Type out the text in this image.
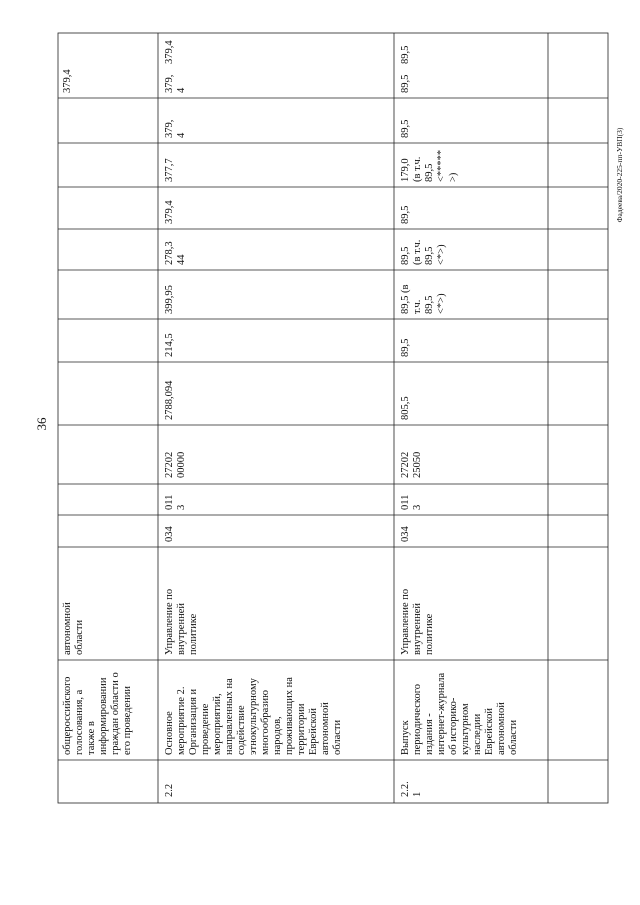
36
общероссийского голосования, а также в информировании граждан области о его проведении
автономной области
379,4
2.2
Основное мероприятие 2. Организация и проведение мероприятий, направленных на содействие этнокультурному многообразию народов, проживающих на территории Еврейской автономной области
Управление по внутренней политике
034
011 3
27202 00000
2788,094
214,5
399,95
278,3 44
379,4
377,7
379, 4
379, 4
379,4
2.2. 1
Выпуск периодического издания - интернет-журнала об историко- культурном наследии Еврейской автономной области
Управление по внутренней политике
034
011 3
27202 25050
805,5
89,5
89,5 (в т.ч. 89,5 <*>)
89,5 (в т.ч. 89,5 <*>)
89,5
179,0 (в т.ч. 89,5 <***** >)
89,5
89,5
89,5
Фадеева/2020-225-пп-УВП(3)
